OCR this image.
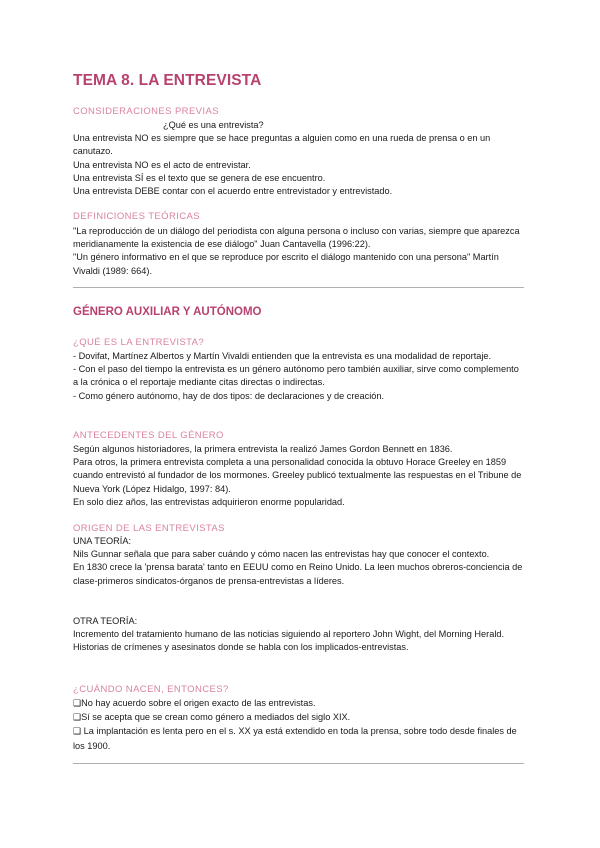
TEMA 8. LA ENTREVISTA
CONSIDERACIONES PREVIAS

¿Qué es una entrevista?

Una entrevista NO es siempre que se hace preguntas a alguien como en una rueda de prensa o en un canutazo.

Una entrevista NO es el acto de entrevistar.

Una entrevista SÍ es el texto que se genera de ese encuentro.

Una entrevista DEBE contar con el acuerdo entre entrevistador y entrevistado.

DEFINICIONES TEÓRICAS

"La reproducción de un diálogo del periodista con alguna persona o incluso con varias, siempre que aparezca meridianamente la existencia de ese diálogo" Juan Cantavella (1996:22).

"Un género informativo en el que se reproduce por escrito el diálogo mantenido con una persona" Martín Vivaldi (1989: 664).

GÉNERO AUXILIAR Y AUTÓNOMO
¿QUÉ ES LA ENTREVISTA?

- Dovifat, Martínez Albertos y Martín Vivaldi entienden que la entrevista es una modalidad de reportaje.

- Con el paso del tiempo la entrevista es un género autónomo pero también auxiliar, sirve como complemento a la crónica o el reportaje mediante citas directas o indirectas.

- Como género autónomo, hay de dos tipos: de declaraciones y de creación.

ANTECEDENTES DEL GÉNERO

Según algunos historiadores, la primera entrevista la realizó James Gordon Bennett en 1836.

Para otros, la primera entrevista completa a una personalidad conocida la obtuvo Horace Greeley en 1859 cuando entrevistó al fundador de los mormones. Greeley publicó textualmente las respuestas en el Tribune de Nueva York (López Hidalgo, 1997: 84).

En solo diez años, las entrevistas adquirieron enorme popularidad.

ORIGEN DE LAS ENTREVISTAS

UNA TEORÍA:

Nils Gunnar señala que para saber cuándo y cómo nacen las entrevistas hay que conocer el contexto.

En 1830 crece la 'prensa barata' tanto en EEUU como en Reino Unido. La leen muchos obreros-conciencia de clase-primeros sindicatos-órganos de prensa-entrevistas a líderes.

OTRA TEORÍA:

Incremento del tratamiento humano de las noticias siguiendo al reportero John Wight, del Morning Herald.

Historias de crímenes y asesinatos donde se habla con los implicados-entrevistas.

¿CUÁNDO NACEN, ENTONCES?

❑No hay acuerdo sobre el origen exacto de las entrevistas.

❑Sí se acepta que se crean como género a mediados del siglo XIX.

❑ La implantación es lenta pero en el s. XX ya está extendido en toda la prensa, sobre todo desde finales de los 1900.
